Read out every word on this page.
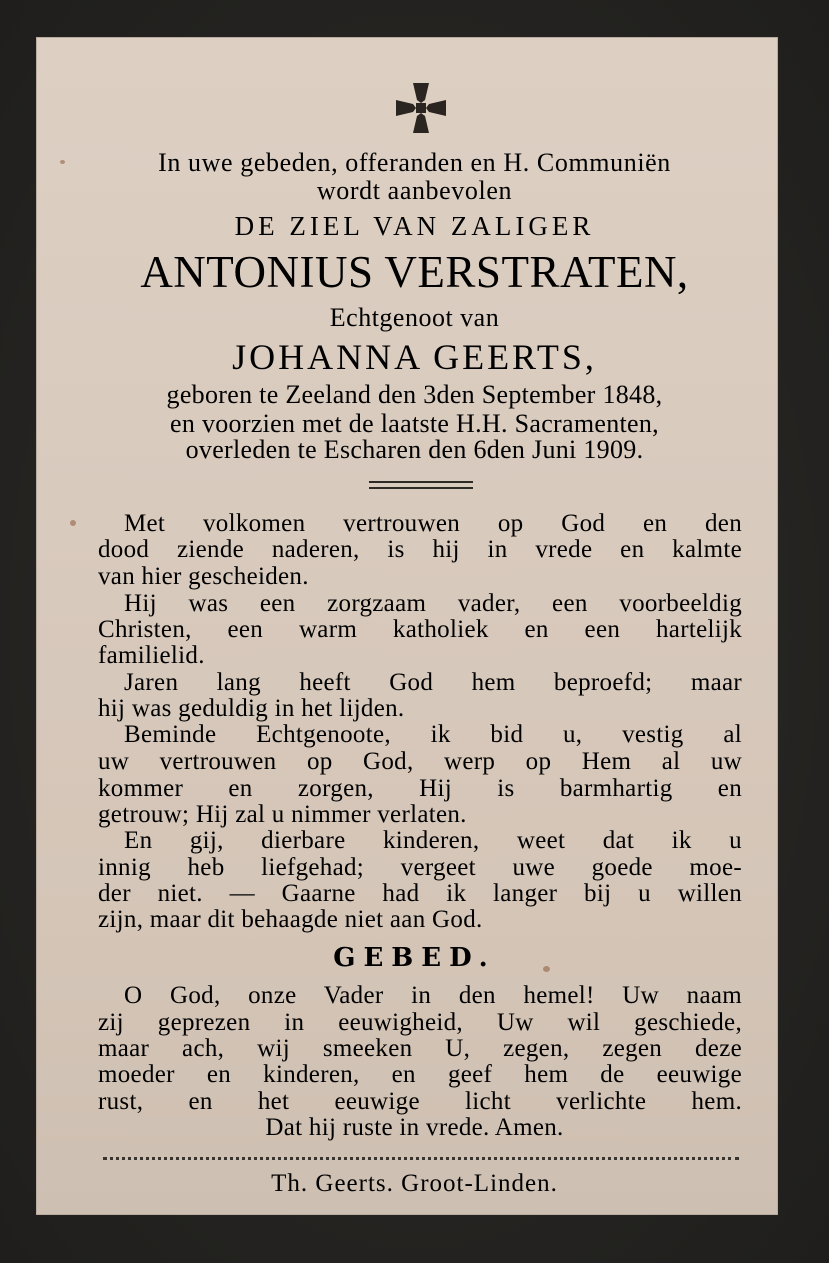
In uwe gebeden, offeranden en H. Communiën
wordt aanbevolen
DE ZIEL VAN ZALIGER
ANTONIUS VERSTRATEN,
Echtgenoot van
JOHANNA GEERTS,
geboren te Zeeland den 3den September 1848,
en voorzien met de laatste H.H. Sacramenten,
overleden te Escharen den 6den Juni 1909.
Met volkomen vertrouwen op God en den
dood ziende naderen, is hij in vrede en kalmte
van hier gescheiden.
Hij was een zorgzaam vader, een voorbeeldig
Christen, een warm katholiek en een hartelijk
familielid.
Jaren lang heeft God hem beproefd; maar
hij was geduldig in het lijden.
Beminde Echtgenoote, ik bid u, vestig al
uw vertrouwen op God, werp op Hem al uw
kommer en zorgen, Hij is barmhartig en
getrouw; Hij zal u nimmer verlaten.
En gij, dierbare kinderen, weet dat ik u
innig heb liefgehad; vergeet uwe goede moe-
der niet. — Gaarne had ik langer bij u willen
zijn, maar dit behaagde niet aan God.
GEBED.
O God, onze Vader in den hemel! Uw naam
zij geprezen in eeuwigheid, Uw wil geschiede,
maar ach, wij smeeken U, zegen, zegen deze
moeder en kinderen, en geef hem de eeuwige
rust, en het eeuwige licht verlichte hem.
Dat hij ruste in vrede. Amen.
Th. Geerts. Groot-Linden.
